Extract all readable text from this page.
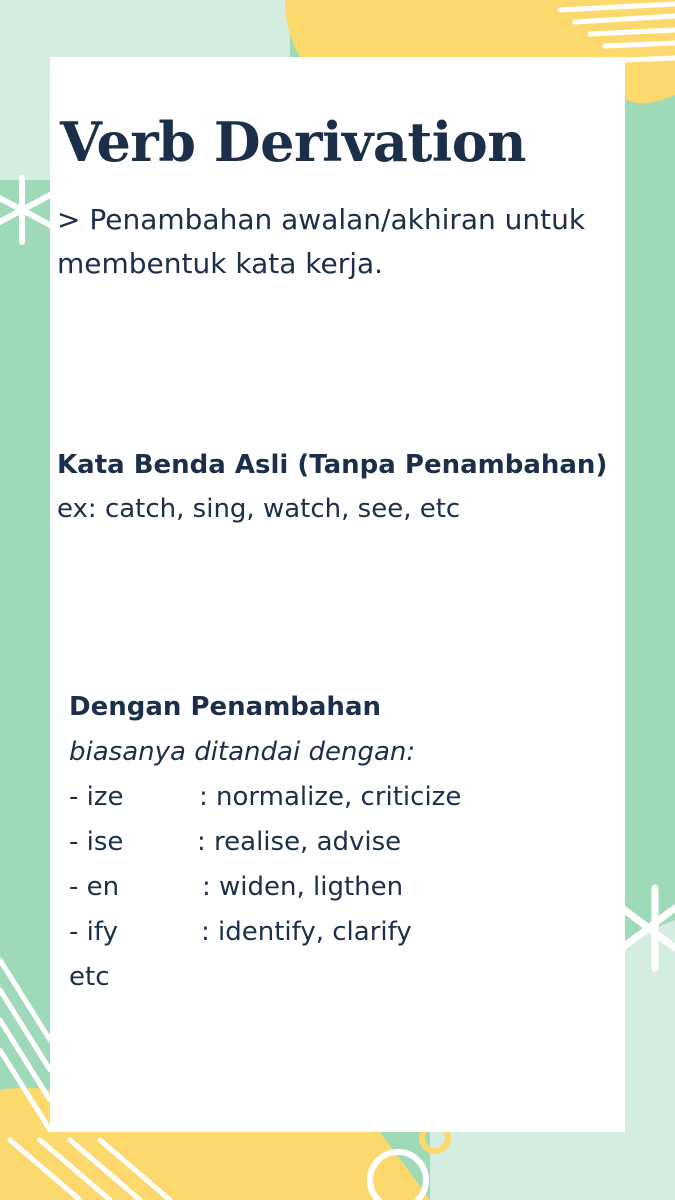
Verb Derivation
> Penambahan awalan/akhiran untuk membentuk kata kerja.
Kata Benda Asli (Tanpa Penambahan)
ex: catch, sing, watch, see, etc
Dengan Penambahan
biasanya ditandai dengan:
- ize	: normalize, criticize
- ise	: realise, advise
- en	: widen, ligthen
- ify	: identify, clarify
etc
